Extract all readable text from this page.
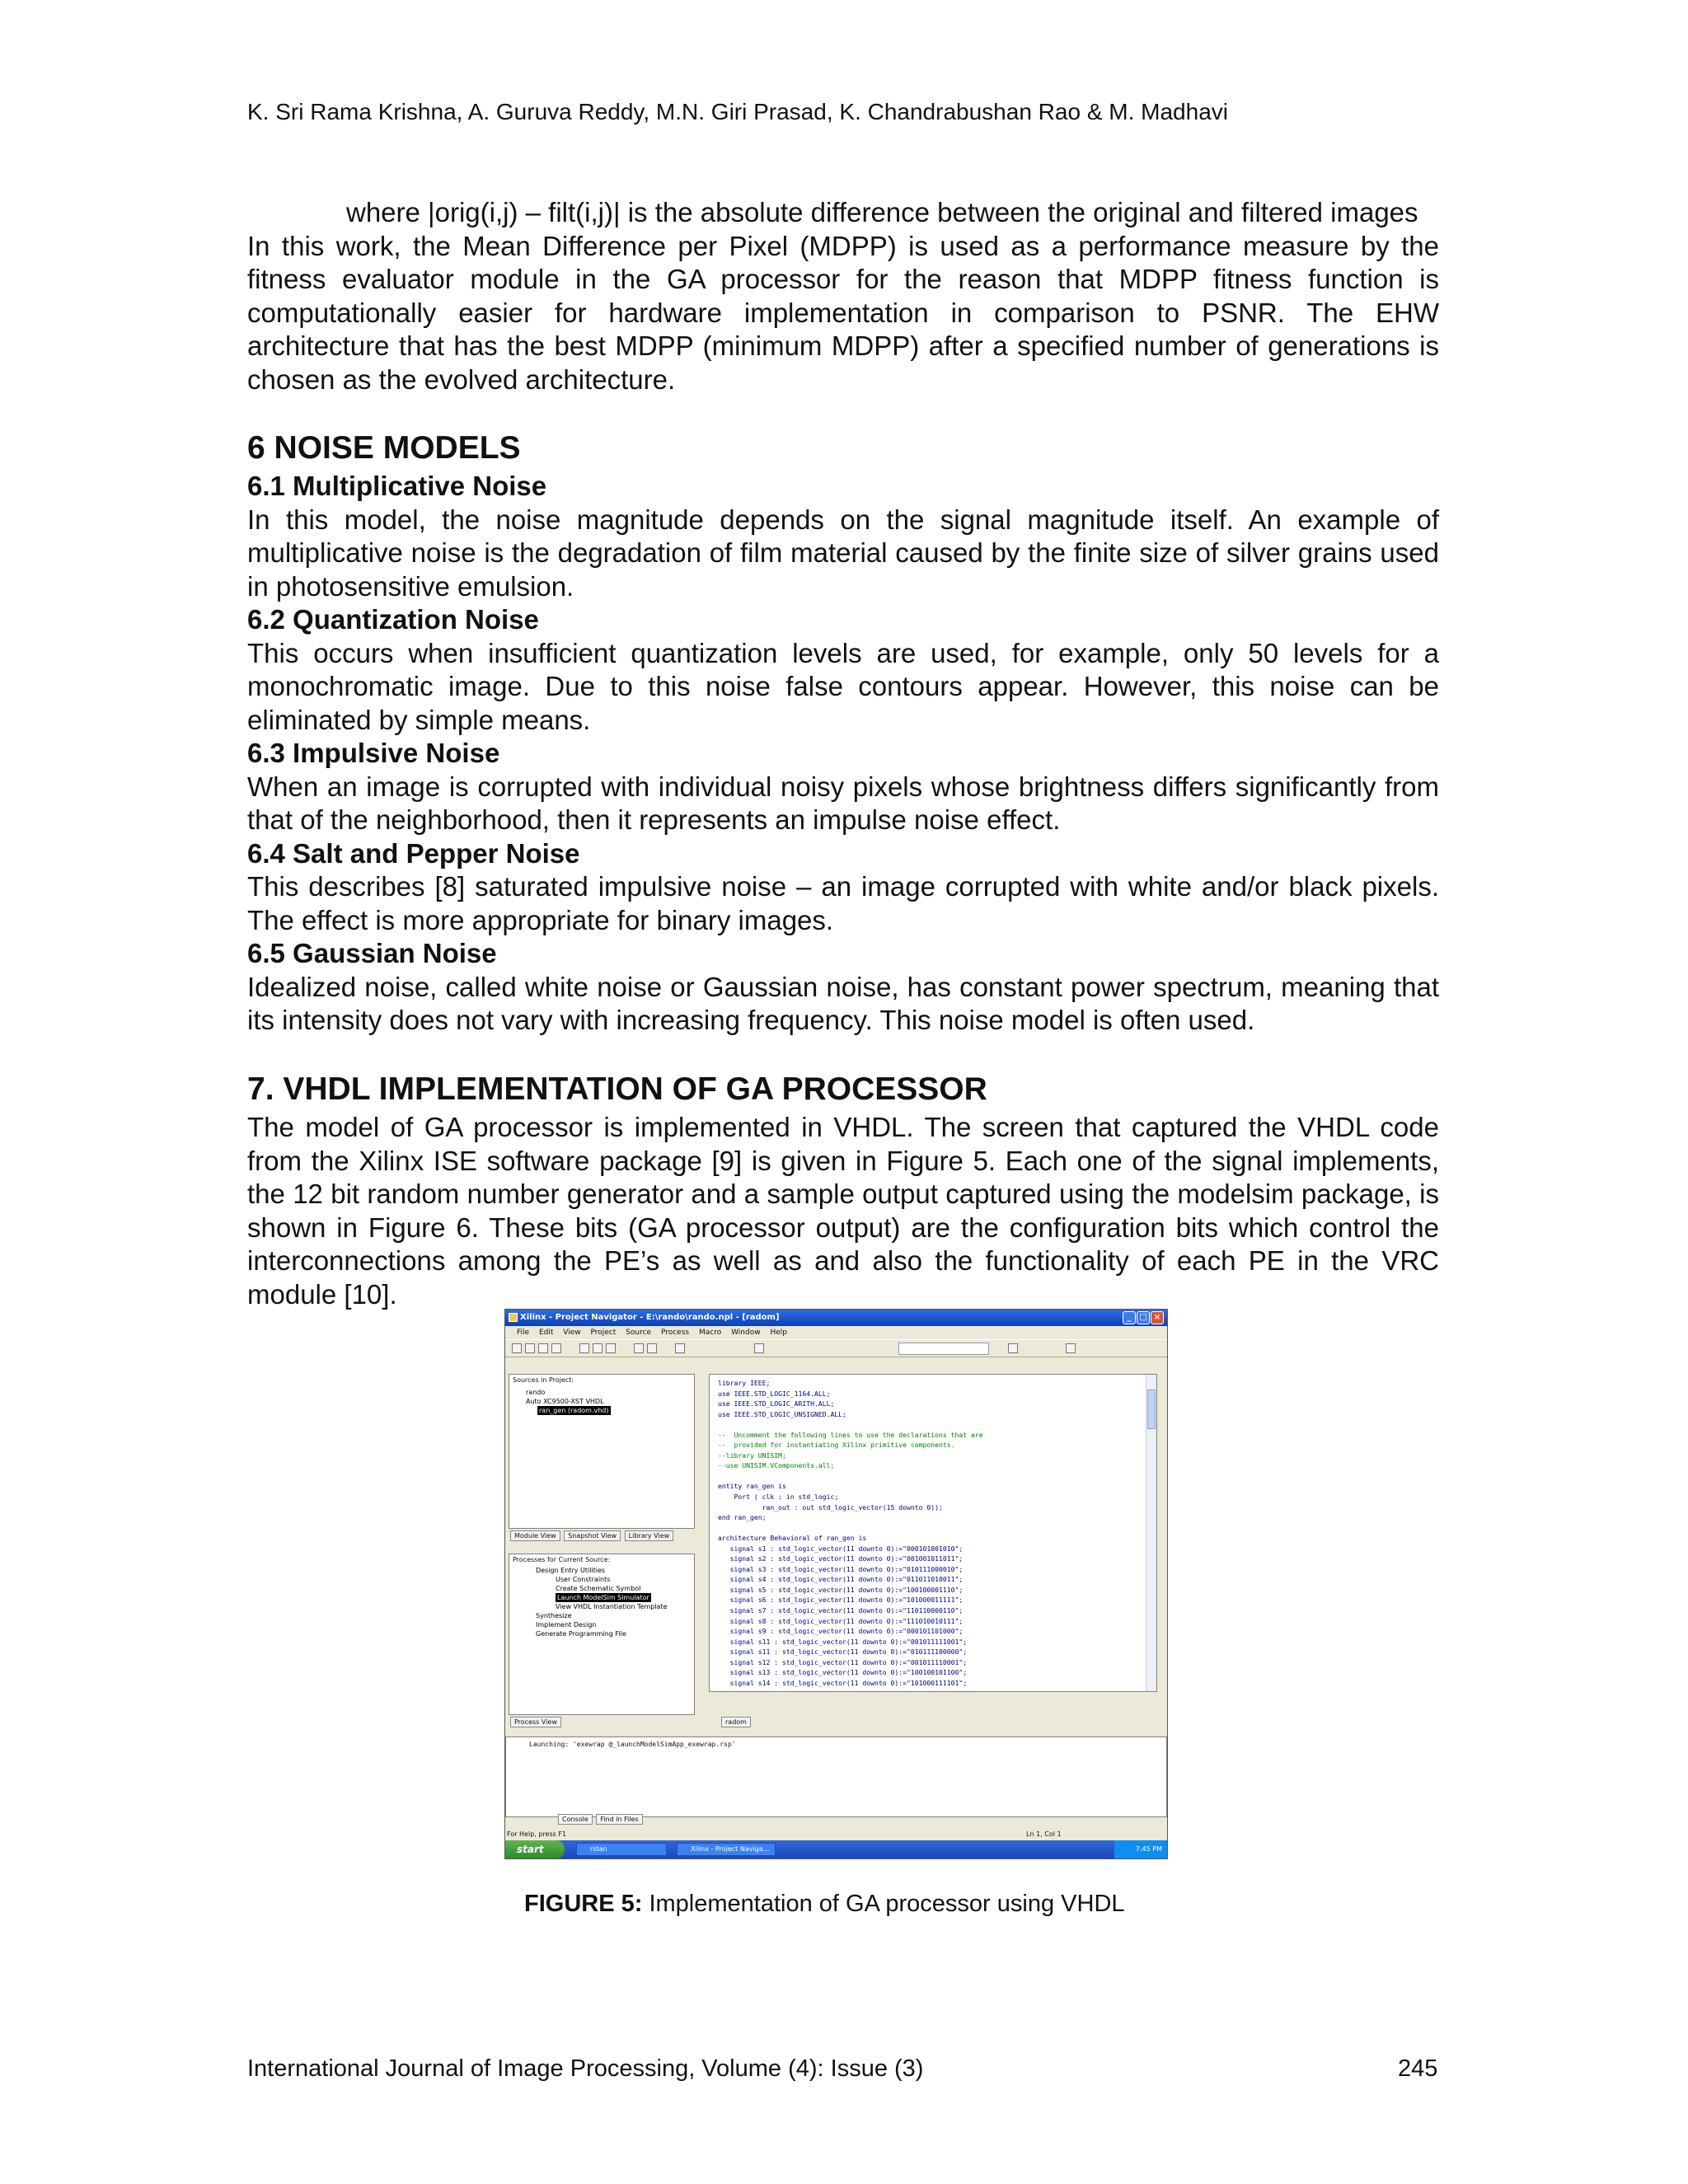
K. Sri Rama Krishna, A. Guruva Reddy, M.N. Giri Prasad, K. Chandrabushan Rao & M. Madhavi

where |orig(i,j) – filt(i,j)| is the absolute difference between the original and filtered images

In this work, the Mean Difference per Pixel (MDPP) is used as a performance measure by the fitness evaluator module in the GA processor for the reason that MDPP fitness function is computationally easier for hardware implementation in comparison to PSNR. The EHW architecture that has the best MDPP (minimum MDPP) after a specified number of generations is chosen as the evolved architecture.

6 NOISE MODELS

6.1 Multiplicative Noise

In this model, the noise magnitude depends on the signal magnitude itself. An example of multiplicative noise is the degradation of film material caused by the finite size of silver grains used in photosensitive emulsion.

6.2 Quantization Noise

This occurs when insufficient quantization levels are used, for example, only 50 levels for a monochromatic image. Due to this noise false contours appear. However, this noise can be eliminated by simple means.

6.3 Impulsive Noise

When an image is corrupted with individual noisy pixels whose brightness differs significantly from that of the neighborhood, then it represents an impulse noise effect.

6.4 Salt and Pepper Noise

This describes [8] saturated impulsive noise – an image corrupted with white and/or black pixels. The effect is more appropriate for binary images.

6.5 Gaussian Noise

Idealized noise, called white noise or Gaussian noise, has constant power spectrum, meaning that its intensity does not vary with increasing frequency. This noise model is often used.

7. VHDL IMPLEMENTATION OF GA PROCESSOR

The model of GA processor is implemented in VHDL. The screen that captured the VHDL code from the Xilinx ISE software package [9] is given in Figure 5. Each one of the signal implements, the 12 bit random number generator and a sample output captured using the modelsim package, is shown in Figure 6. These bits (GA processor output) are the configuration bits which control the interconnections among the PE’s as well as and also the functionality of each PE in the VRC module [10].

Xilinx - Project Navigator - E:\rando\rando.npl - [radom]	_ □ ×
File Edit View Project Source Process Macro Window Help
Sources in Project:
rando
Auto XC9500-XST VHDL
ran_gen (radom.vhd)
Module View Snapshot View Library View
Processes for Current Source:
Design Entry Utilities
User Constraints
Create Schematic Symbol
Launch ModelSim Simulator
View VHDL Instantiation Template
Synthesize
Implement Design
Generate Programming File
Process View
library IEEE;
use IEEE.STD_LOGIC_1164.ALL;
use IEEE.STD_LOGIC_ARITH.ALL;
use IEEE.STD_LOGIC_UNSIGNED.ALL;

--  Uncomment the following lines to use the declarations that are
--  provided for instantiating Xilinx primitive components.
--library UNISIM;
--use UNISIM.VComponents.all;

entity ran_gen is
Port ( clk : in std_logic;
ran_out : out std_logic_vector(15 downto 0));
end ran_gen;

architecture Behavioral of ran_gen is
signal s1 : std_logic_vector(11 downto 0):="000101001010";
signal s2 : std_logic_vector(11 downto 0):="001001011011";
signal s3 : std_logic_vector(11 downto 0):="010111000010";
signal s4 : std_logic_vector(11 downto 0):="011011010011";
signal s5 : std_logic_vector(11 downto 0):="100100001110";
signal s6 : std_logic_vector(11 downto 0):="101000011111";
signal s7 : std_logic_vector(11 downto 0):="110110000110";
signal s8 : std_logic_vector(11 downto 0):="111010010111";
signal s9 : std_logic_vector(11 downto 0):="000101101000";
signal s11 : std_logic_vector(11 downto 0):="001011111001";
signal s11 : std_logic_vector(11 downto 0):="010111100000";
signal s12 : std_logic_vector(11 downto 0):="001011110001";
signal s13 : std_logic_vector(11 downto 0):="100100101100";
signal s14 : std_logic_vector(11 downto 0):="101000111101";
radom
Launching: 'exewrap @_launchModelSimApp_exewrap.rsp'
Console Find in Files
For Help, press F1	Ln 1, Col 1
start	rstan	Xilinx - Project Naviga...	7:45 PM
FIGURE 5: Implementation of GA processor using VHDL
International Journal of Image Processing, Volume (4): Issue (3)	245
